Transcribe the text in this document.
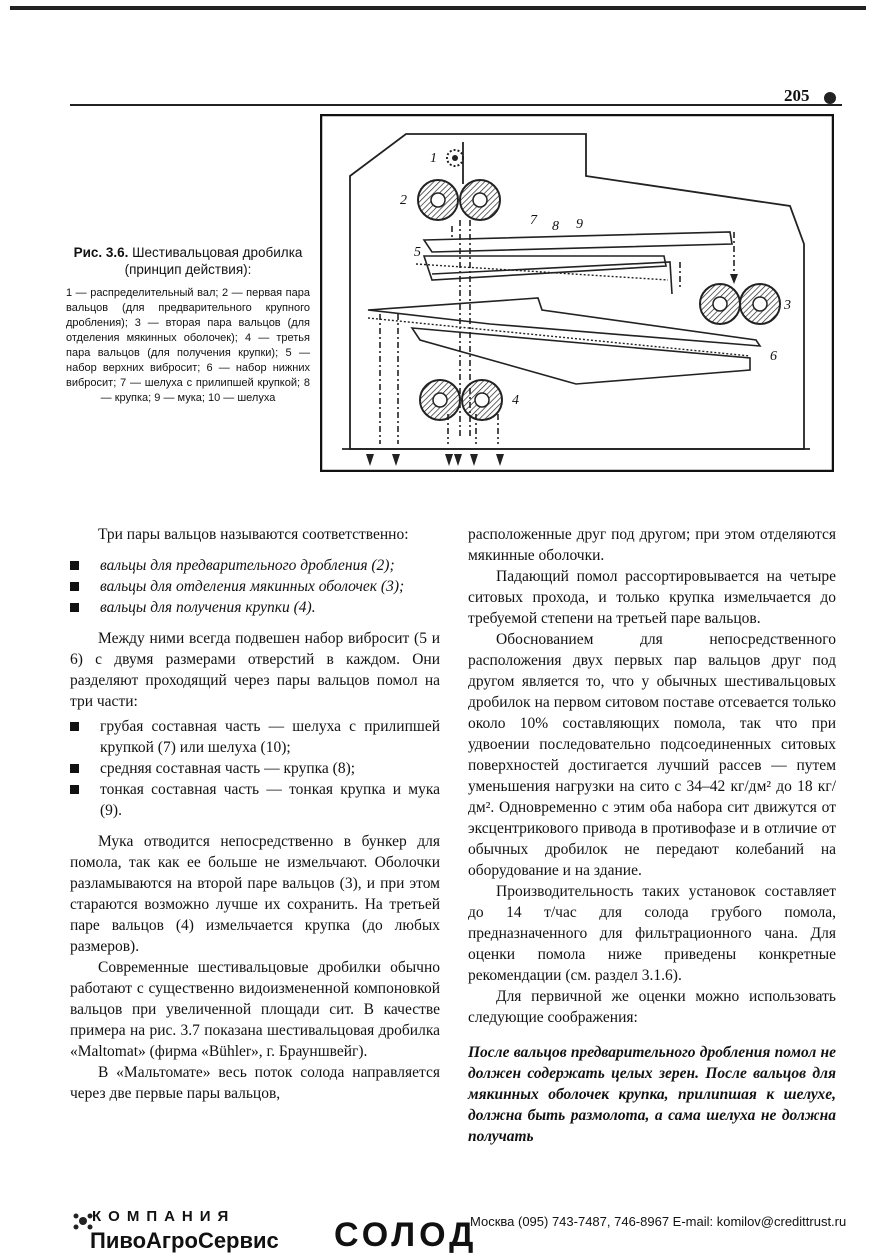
205
1
2
3
4
5
6
7 8 9
Рис. 3.6. Шестивальцовая дробилка (принцип действия):
1 — распределительный вал; 2 — первая пара вальцов (для предварительного крупного дробления); 3 — вторая пара вальцов (для отделения мякинных оболочек); 4 — третья пара вальцов (для получения крупки); 5 — набор верхних вибросит; 6 — набор нижних вибросит; 7 — шелуха с прилипшей крупкой; 8 — крупка; 9 — мука; 10 — шелуха

Три пары вальцов называются соответственно:

вальцы для предварительного дробления (2);

вальцы для отделения мякинных оболочек (3);

вальцы для получения крупки (4).

Между ними всегда подвешен набор вибросит (5 и 6) с двумя размерами отверстий в каждом. Они разделяют проходящий через пары вальцов помол на три части:

грубая составная часть — шелуха с прилипшей крупкой (7) или шелуха (10);

средняя составная часть — крупка (8);

тонкая составная часть — тонкая крупка и мука (9).

Мука отводится непосредственно в бункер для помола, так как ее больше не измельчают. Оболочки разламываются на второй паре вальцов (3), и при этом стараются возможно лучше их сохранить. На третьей паре вальцов (4) измельчается крупка (до любых размеров).

Современные шестивальцовые дробилки обычно работают с существенно видоизмененной компоновкой вальцов при увеличенной площади сит. В качестве примера на рис. 3.7 показана шестивальцовая дробилка «Maltomat» (фирма «Bühler», г. Брауншвейг).

В «Мальтомате» весь поток солода направляется через две первые пары вальцов,

расположенные друг под другом; при этом отделяются мякинные оболочки.

Падающий помол рассортировывается на четыре ситовых прохода, и только крупка измельчается до требуемой степени на третьей паре вальцов.

Обоснованием для непосредственного расположения двух первых пар вальцов друг под другом является то, что у обычных шестивальцовых дробилок на первом ситовом поставе отсевается только около 10% составляющих помола, так что при удвоении последовательно подсоединенных ситовых поверхностей достигается лучший рассев — путем уменьшения нагрузки на сито с 34–42 кг/дм² до 18 кг/дм². Одновременно с этим оба набора сит движутся от эксцентрикового привода в противофазе и в отличие от обычных дробилок не передают колебаний на оборудование и на здание.

Производительность таких установок составляет до 14 т/час для солода грубого помола, предназначенного для фильтрационного чана. Для оценки помола ниже приведены конкретные рекомендации (см. раздел 3.1.6).

Для первичной же оценки можно использовать следующие соображения:

После вальцов предварительного дробления помол не должен содержать целых зерен. После вальцов для мякинных оболочек крупка, прилипшая к шелухе, должна быть размолота, а сама шелуха не должна получать

КОМПАНИЯ
ПивоАгроСервис СОЛОД
Москва (095) 743-7487, 746-8967 E-mail: komilov@credittrust.ru
